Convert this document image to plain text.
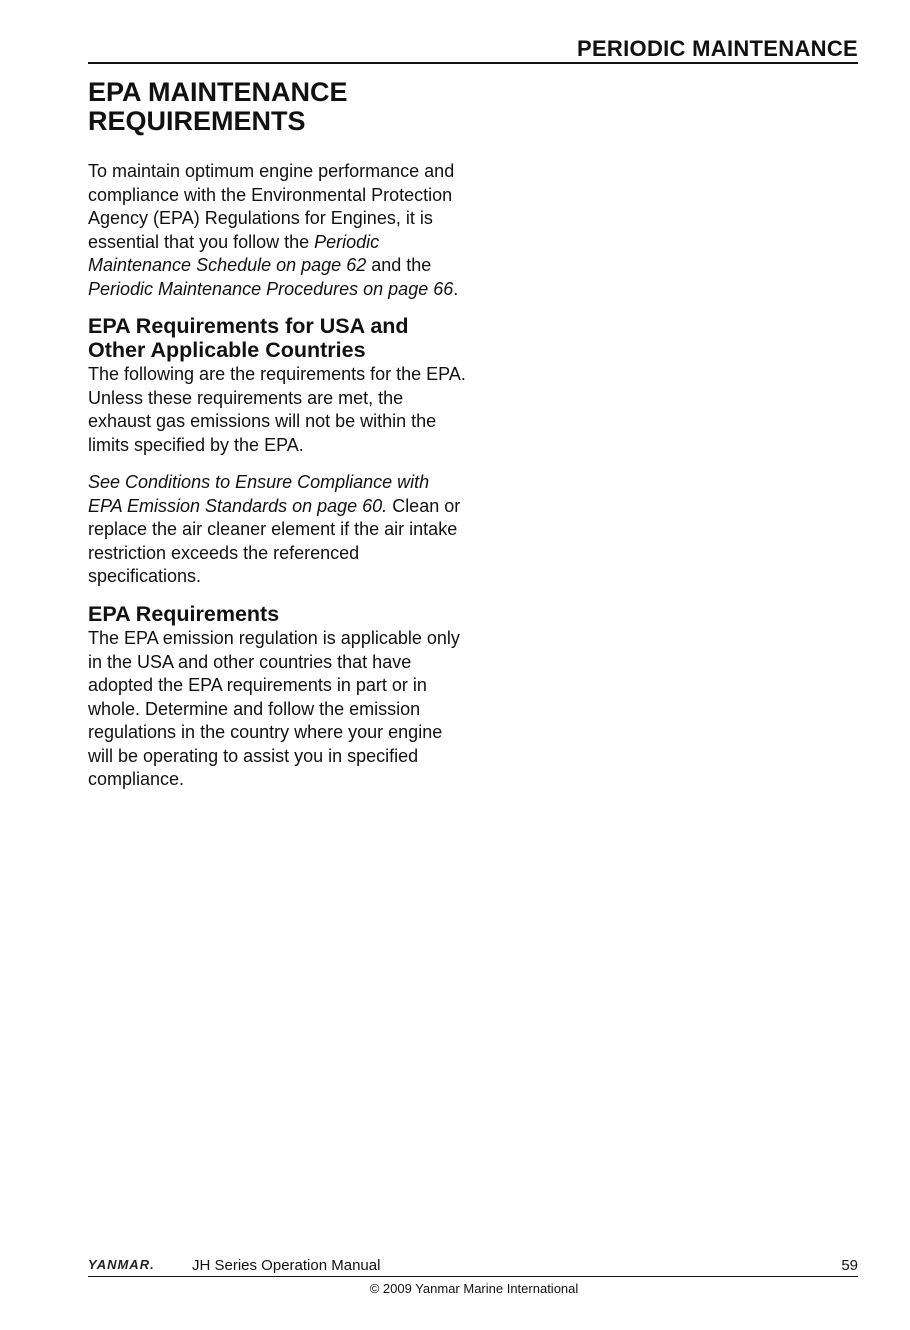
PERIODIC MAINTENANCE
EPA MAINTENANCE
REQUIREMENTS

To maintain optimum engine performance and compliance with the Environmental Protection Agency (EPA) Regulations for Engines, it is essential that you follow the Periodic Maintenance Schedule on page 62 and the Periodic Maintenance Procedures on page 66.

EPA Requirements for USA and Other Applicable Countries

The following are the requirements for the EPA. Unless these requirements are met, the exhaust gas emissions will not be within the limits specified by the EPA.

See Conditions to Ensure Compliance with EPA Emission Standards on page 60. Clean or replace the air cleaner element if the air intake restriction exceeds the referenced specifications.

EPA Requirements

The EPA emission regulation is applicable only in the USA and other countries that have adopted the EPA requirements in part or in whole. Determine and follow the emission regulations in the country where your engine will be operating to assist you in specified compliance.

YANMAR. JH Series Operation Manual	59
© 2009 Yanmar Marine International
